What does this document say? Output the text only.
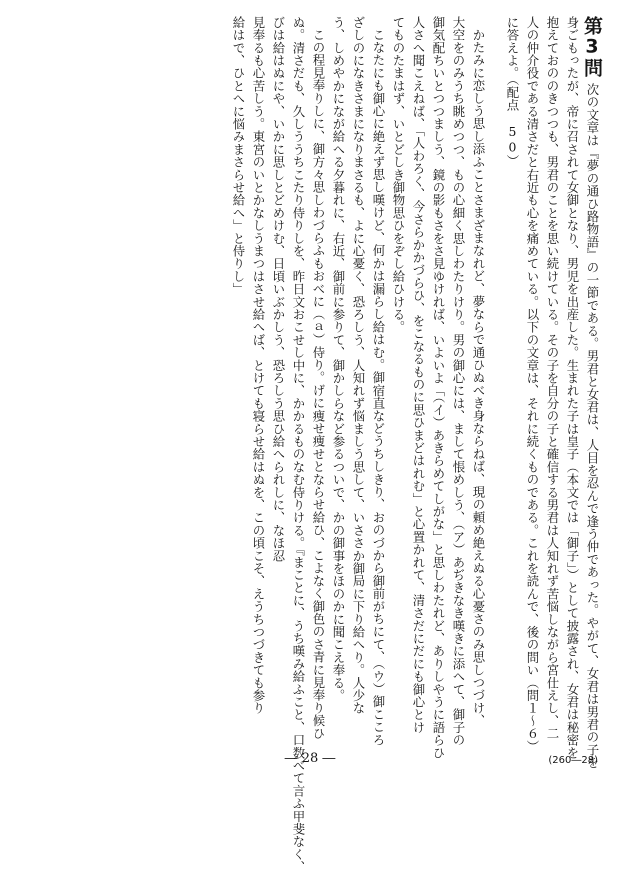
第3問次の文章は『夢の通ひ路物語』の一節である。男君と女君は、人目を忍んで逢う仲であった。やがて、女君は男君の子を
身ごもったが、帝に召されて女御となり、男児を出産した。生まれた子は皇子（本文では「御子」）として披露され、女君は秘密を
抱えておののきつつも、男君のことを思い続けている。その子を自分の子と確信する男君は人知れず苦悩しながら宮仕えし、二
人の仲介役である清さだと右近も心を痛めている。以下の文章は、それに続くものである。これを読んで、後の問い（問１～６）
に答えよ。（配点　50）
かたみに恋しう思し添ふことさまざまなれど、夢ならで通ひぬべき身ならねば、現の頼め絶えぬる心憂さのみ思しつづけ、
大空をのみうち眺めつつ、もの心細く思しわたりけり。男の御心には、まして悵めしう、（ア）あぢきなき嘆きに添へて、御子の
御気配ちいとつつましう、鏡の影もさをさ見ゆければ、いよいよ「（イ）あきらめてしがな」と思しわたれど、ありしやうに語らひ
人さへ聞こえねば、「人わろく、今さらかかづらひ、をこなるものに思ひまどはれむ」と心置かれて、清さだにだにも御心とけ
てものたまはず、いとどしき御物思ひをぞし給ひける。
こなたにも御心に絶えず思し嘆けど、何かは漏らし給はむ。御宿直などうちしきり、おのづから御前がちにて、（ウ）御こころ
ざしのになきさまになりまさるも、よに心憂く、恐ろしう、人知れず悩ましう思して、いささか御局に下り給へり。人少な
う、しめやかになが給へる夕暮れに、右近、御前に参りて、御かしらなど参るついで、かの御事をほのかに聞こえ奉る。
この程見奉りしに、御方々思しわづらふもおべに（ａ）侍り。げに痩せ痩せとならせ給ひ、こよなく御色のさ青に見奉り候ひ
ぬ。清さだも、久しううちこたり侍りしを、昨日文おこせし中に、かかるものなむ侍りける。『まことに、うち嘆み給ふこと、口数べて言ふ甲斐なく、
びは給はぬにや、いかに思しとどめけむ、日頃いぶかしう、恐ろしう思ひ給へられしに、なほ忍
見奉るも心苦しう。東宮のいとかなしうまつはさせ給へば、とけても寝らせ給はぬを、この頃こそ、えうちつづきても参り
給はで、ひとへに悩みまさらせ給へ」と侍りし」
― 28 ―	(260―28)
